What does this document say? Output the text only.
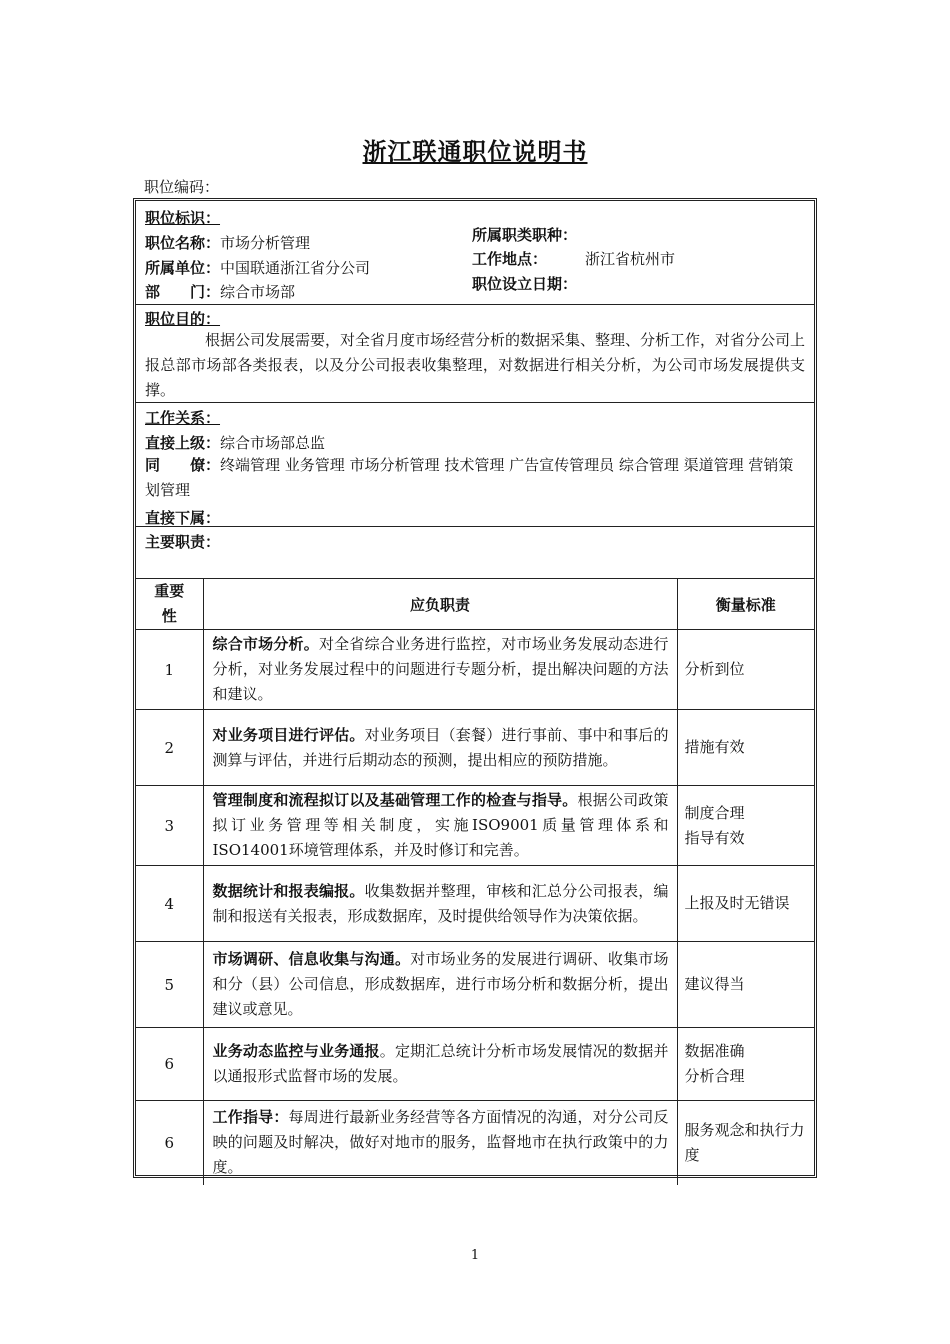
浙江联通职位说明书
职位编码：
职位标识：
职位名称：市场分析管理
所属单位：中国联通浙江省分公司
部　　门：综合市场部
所属职类职种：
工作地点：	浙江省杭州市
职位设立日期：
职位目的：
根据公司发展需要，对全省月度市场经营分析的数据采集、整理、分析工作，对省分公司上报总部市场部各类报表，以及分公司报表收集整理，对数据进行相关分析，为公司市场发展提供支撑。
工作关系：
直接上级：综合市场部总监
同　　僚：终端管理 业务管理 市场分析管理 技术管理 广告宣传管理员 综合管理 渠道管理 营销策划管理
直接下属：
主要职责：
重要性	应负职责	衡量标准
1	综合市场分析。对全省综合业务进行监控，对市场业务发展动态进行分析，对业务发展过程中的问题进行专题分析，提出解决问题的方法和建议。	分析到位

2	对业务项目进行评估。对业务项目（套餐）进行事前、事中和事后的测算与评估，并进行后期动态的预测，提出相应的预防措施。	措施有效

3	管理制度和流程拟订以及基础管理工作的检查与指导。根据公司政策拟订业务管理等相关制度，实施ISO9001质量管理体系和ISO14001环境管理体系，并及时修订和完善。	制度合理
指导有效

4	数据统计和报表编报。收集数据并整理，审核和汇总分公司报表，编制和报送有关报表，形成数据库，及时提供给领导作为决策依据。	上报及时无错误

5	市场调研、信息收集与沟通。对市场业务的发展进行调研、收集市场和分（县）公司信息，形成数据库，进行市场分析和数据分析，提出建议或意见。	建议得当

6	业务动态监控与业务通报。定期汇总统计分析市场发展情况的数据并以通报形式监督市场的发展。	数据准确
分析合理

6	工作指导：每周进行最新业务经营等各方面情况的沟通，对分公司反映的问题及时解决，做好对地市的服务，监督地市在执行政策中的力度。	服务观念和执行力度
1
